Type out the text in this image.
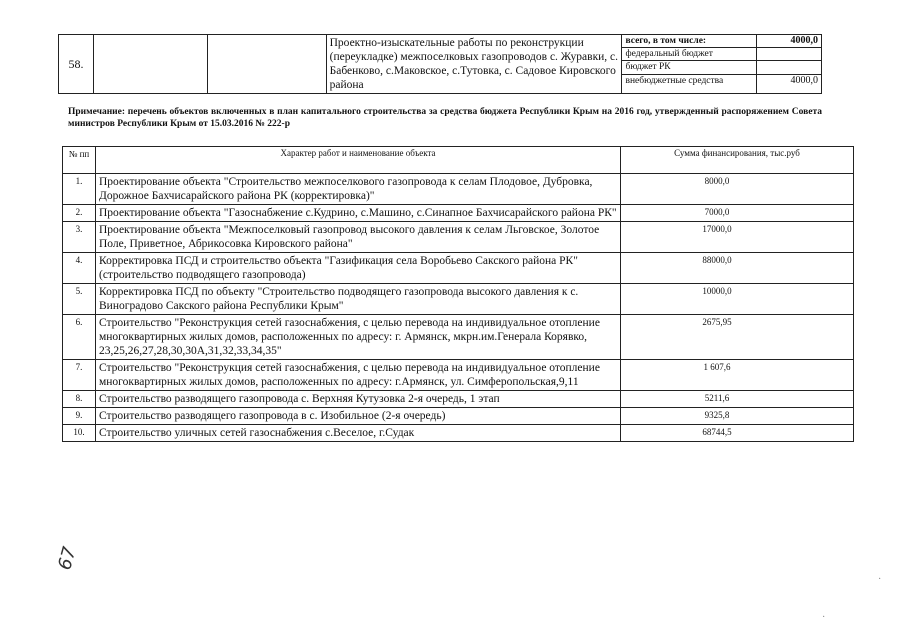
58.			Проектно-изыскательные работы по реконструкции (переукладке) межпоселковых газопроводов с. Журавки, с. Бабенково, с.Маковское, с.Тутовка, с. Садовое Кировского района	всего, в том числе:	4000,0
				федеральный бюджет	
				бюджет РК	
				внебюджетные средства	4000,0
Примечание: перечень объектов включенных в план капитального строительства за средства бюджета Республики Крым на 2016 год, утвержденный распоряжением Совета министров Республики Крым от 15.03.2016 № 222-р
№ пп	Характер работ и наименование объекта	Сумма финансирования, тыс.руб
1.	Проектирование объекта "Строительство межпоселкового газопровода к селам Плодовое, Дубровка, Дорожное Бахчисарайского района РК (корректировка)"	8000,0
2.	Проектирование объекта "Газоснабжение с.Кудрино, с.Машино, с.Синапное Бахчисарайского района РК"	7000,0
3.	Проектирование объекта "Межпоселковый газопровод высокого давления к селам Льговское, Золотое Поле, Приветное, Абрикосовка Кировского района"	17000,0
4.	Корректировка ПСД и строительство объекта "Газификация села Воробьево Сакского района РК" (строительство подводящего газопровода)	88000,0
5.	Корректировка ПСД по объекту "Строительство подводящего газопровода высокого давления к с. Виноградово Сакского района Республики Крым"	10000,0
6.	Строительство "Реконструкция сетей газоснабжения, с целью перевода на индивидуальное отопление многоквартирных жилых домов, расположенных по адресу: г. Армянск, мкрн.им.Генерала Корявко, 23,25,26,27,28,30,30А,31,32,33,34,35"	2675,95
7.	Строительство "Реконструкция сетей газоснабжения, с целью перевода на индивидуальное отопление многоквартирных жилых домов, расположенных по адресу: г.Армянск, ул. Симферопольская,9,11	1 607,6
8.	Строительство разводящего газопровода с. Верхняя Кутузовка 2-я очередь, 1 этап	5211,6
9.	Строительство разводящего газопровода в с. Изобильное (2-я очередь)	9325,8
10.	Строительство уличных сетей газоснабжения с.Веселое, г.Судак	68744,5
67
·
·
